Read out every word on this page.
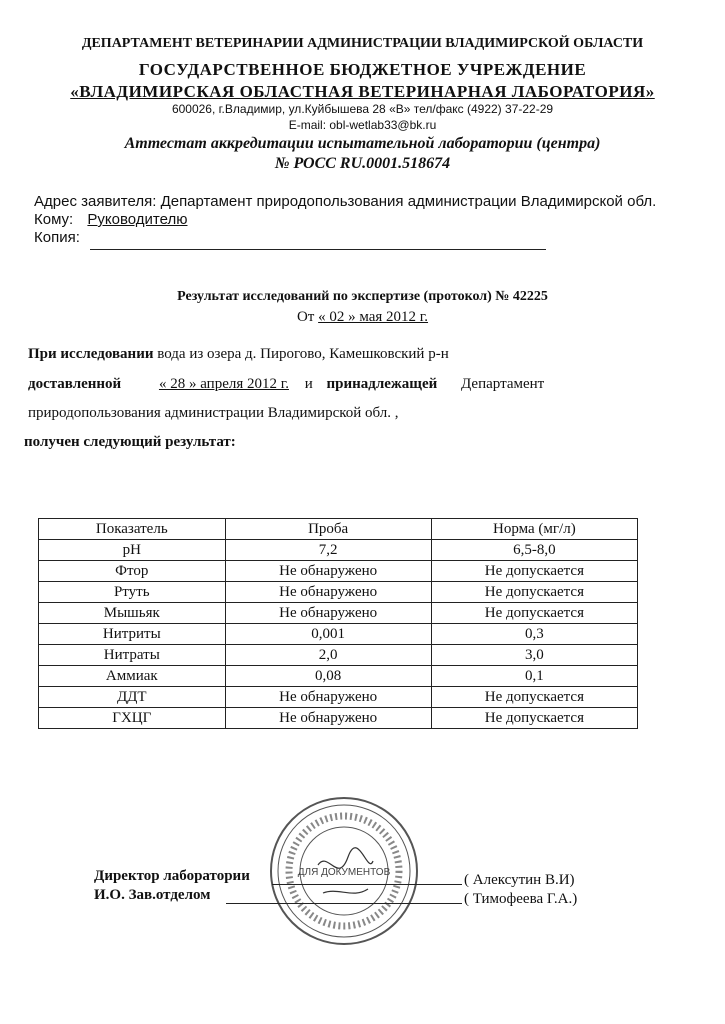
ДЕПАРТАМЕНТ ВЕТЕРИНАРИИ АДМИНИСТРАЦИИ ВЛАДИМИРСКОЙ ОБЛАСТИ
ГОСУДАРСТВЕННОЕ БЮДЖЕТНОЕ УЧРЕЖДЕНИЕ
«ВЛАДИМИРСКАЯ ОБЛАСТНАЯ ВЕТЕРИНАРНАЯ ЛАБОРАТОРИЯ»
600026, г.Владимир, ул.Куйбышева 28 «В» тел/факс (4922) 37-22-29
E-mail: obl-wetlab33@bk.ru
Аттестат аккредитации испытательной лаборатории (центра)
№ РОСС RU.0001.518674
Адрес заявителя: Департамент природопользования администрации Владимирской обл.
Кому: Руководителю
Копия:
Результат исследований по экспертизе (протокол) № 42225
От « 02 » мая 2012 г.
При исследовании вода из озера д. Пирогово, Камешковский р-н
доставленной	« 28 » апреля 2012 г. и принадлежащей Департамент
природопользования администрации Владимирской обл. ,
получен следующий результат:
Показатель	Проба	Норма (мг/л)
pH	7,2	6,5-8,0
Фтор	Не обнаружено	Не допускается
Ртуть	Не обнаружено	Не допускается
Мышьяк	Не обнаружено	Не допускается
Нитриты	0,001	0,3
Нитраты	2,0	3,0
Аммиак	0,08	0,1
ДДТ	Не обнаружено	Не допускается
ГХЦГ	Не обнаружено	Не допускается
ДЛЯ ДОКУМЕНТОВ
Директор лаборатории	( Алексутин В.И)
И.О. Зав.отделом	( Тимофеева Г.А.)
